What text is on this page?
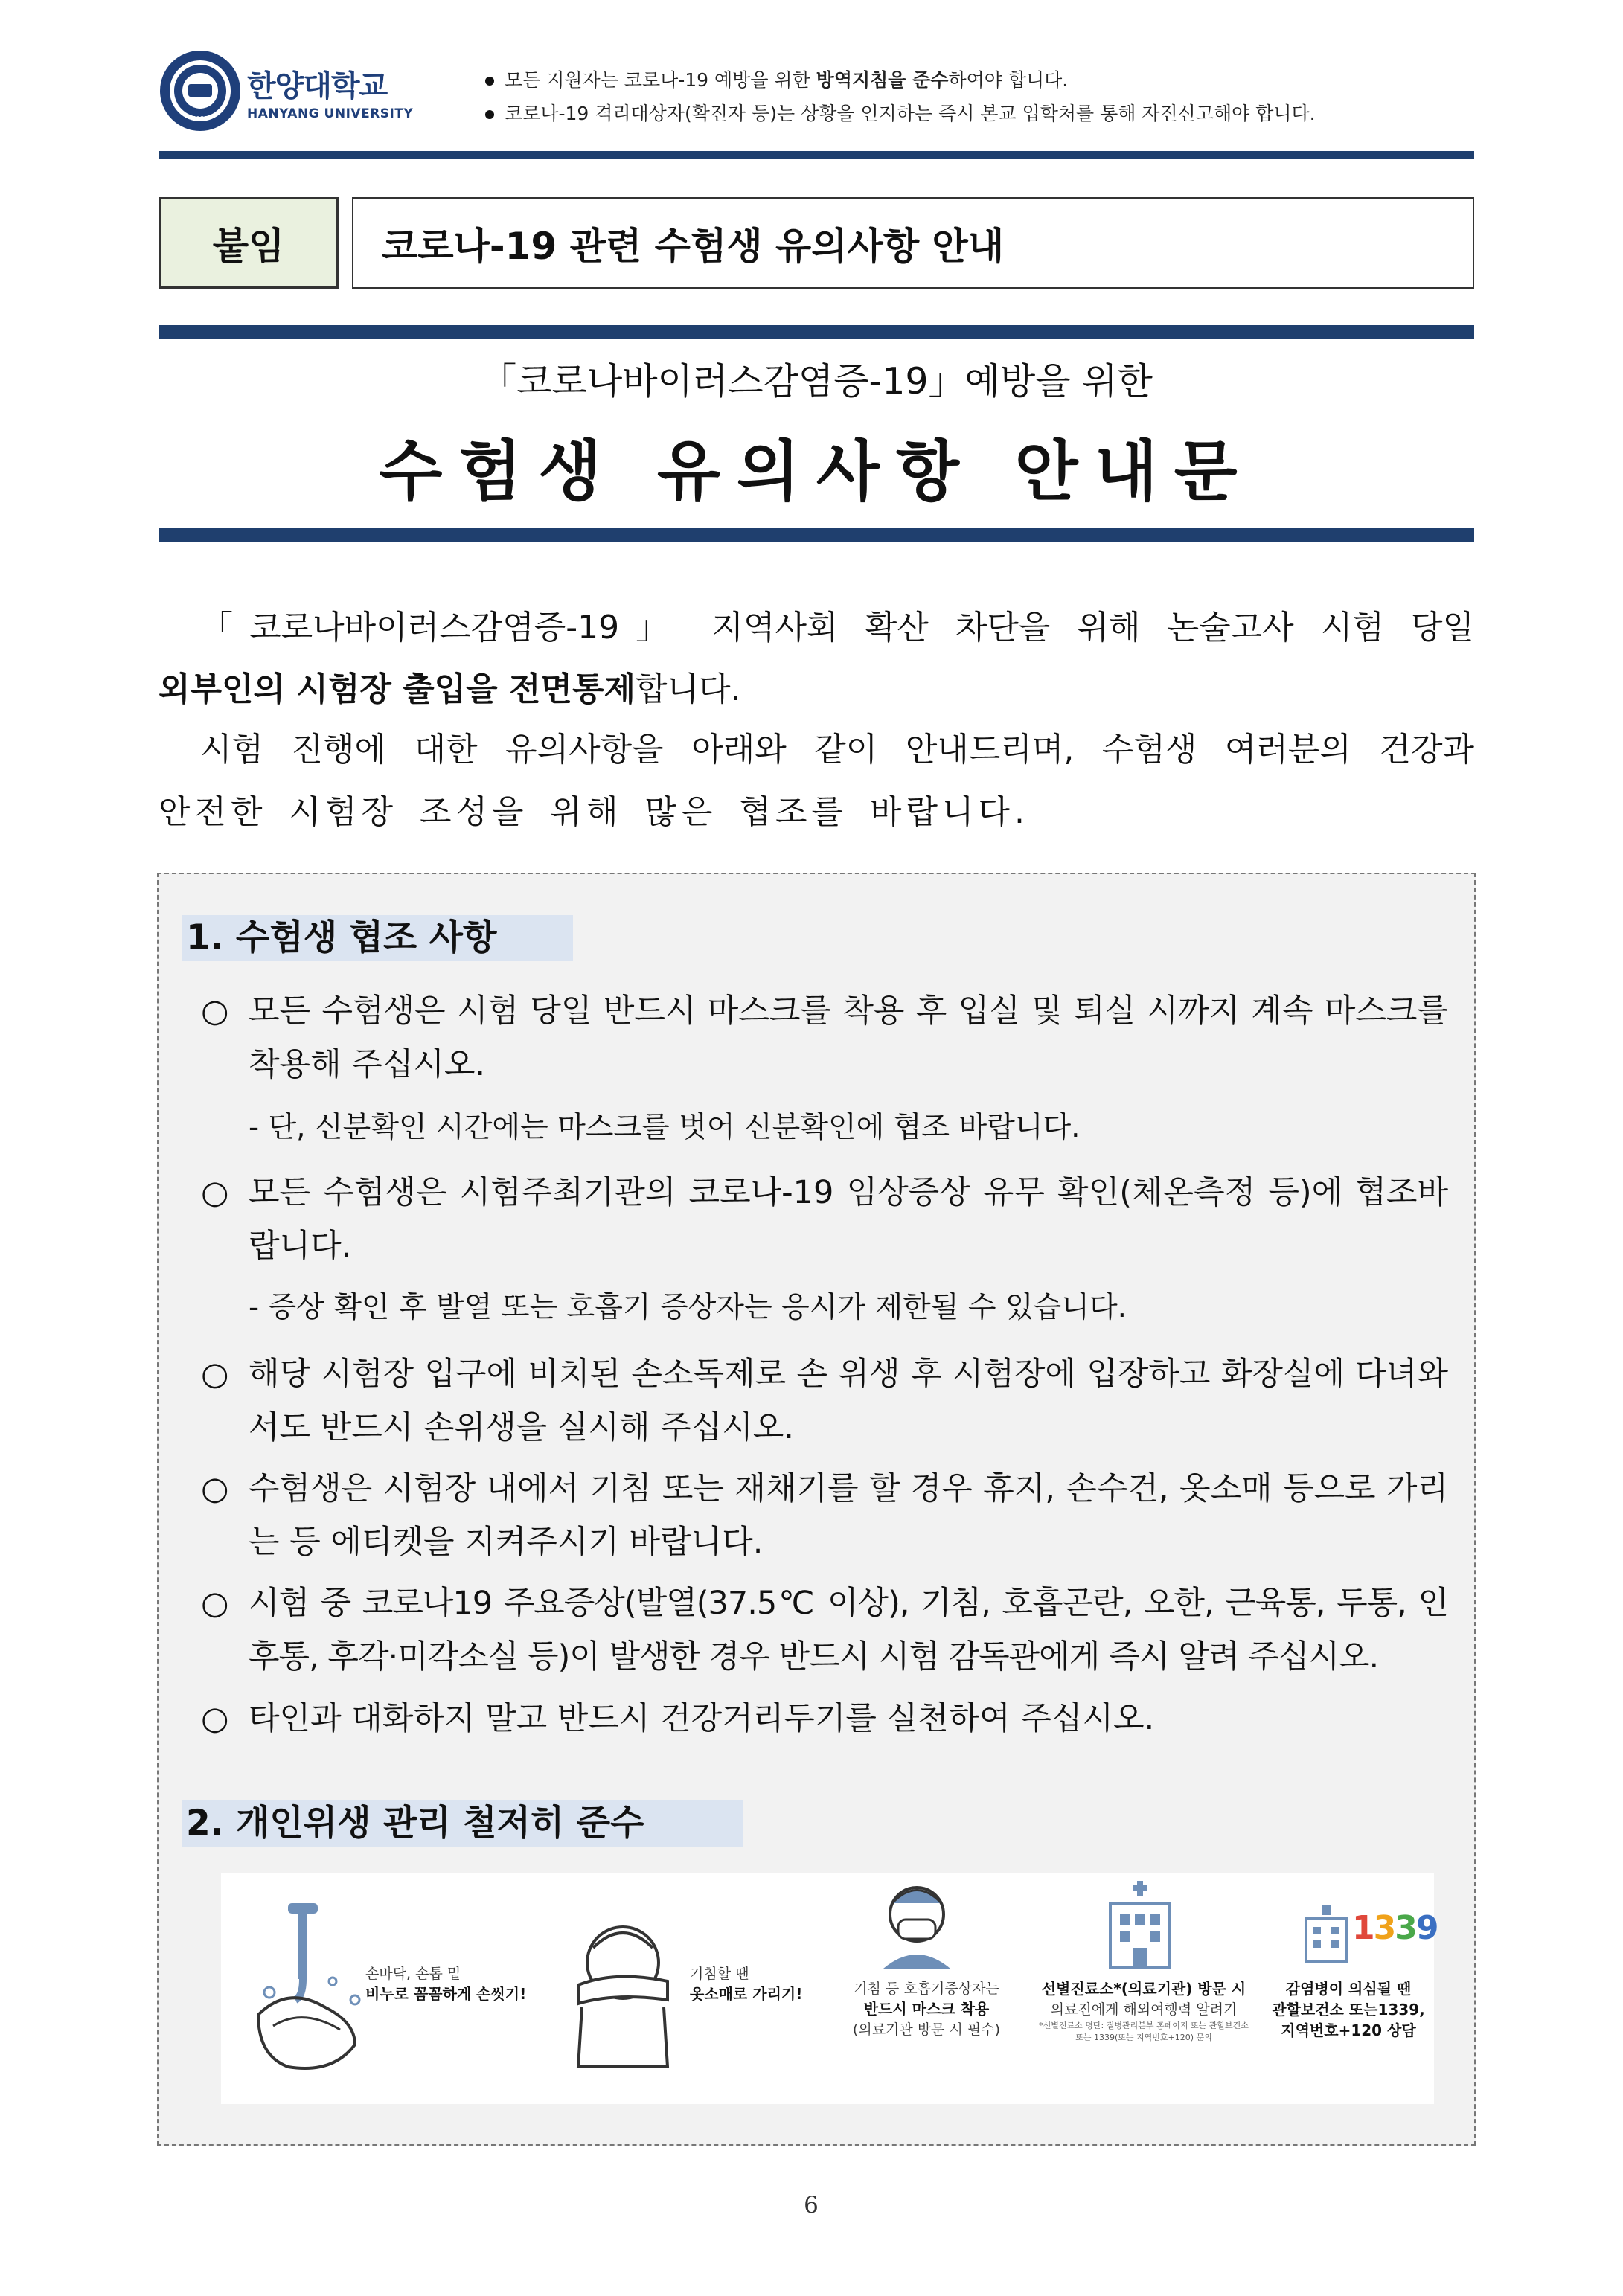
1939
한양대학교
HANYANG UNIVERSITY
모든 지원자는 코로나-19 예방을 위한 방역지침을 준수하여야 합니다.
코로나-19 격리대상자(확진자 등)는 상황을 인지하는 즉시 본교 입학처를 통해 자진신고해야 합니다.
붙임	코로나-19 관련 수험생 유의사항 안내
「코로나바이러스감염증-19」예방을 위한
수험생 유의사항 안내문
「코로나바이러스감염증-19」 지역사회 확산 차단을 위해 논술고사 시험 당일
외부인의 시험장 출입을 전면통제합니다.
시험 진행에 대한 유의사항을 아래와 같이 안내드리며, 수험생 여러분의 건강과
안전한 시험장 조성을 위해 많은 협조를 바랍니다.
1. 수험생 협조 사항
○ 모든 수험생은 시험 당일 반드시 마스크를 착용 후 입실 및 퇴실 시까지 계속 마스크를 착용해 주십시오.
- 단, 신분확인 시간에는 마스크를 벗어 신분확인에 협조 바랍니다.
○ 모든 수험생은 시험주최기관의 코로나-19 임상증상 유무 확인(체온측정 등)에 협조바랍니다.
- 증상 확인 후 발열 또는 호흡기 증상자는 응시가 제한될 수 있습니다.
○ 해당 시험장 입구에 비치된 손소독제로 손 위생 후 시험장에 입장하고 화장실에 다녀와서도 반드시 손위생을 실시해 주십시오.
○ 수험생은 시험장 내에서 기침 또는 재채기를 할 경우 휴지, 손수건, 옷소매 등으로 가리는 등 에티켓을 지켜주시기 바랍니다.
○ 시험 중 코로나19 주요증상(발열(37.5℃ 이상), 기침, 호흡곤란, 오한, 근육통, 두통, 인후통, 후각·미각소실 등)이 발생한 경우 반드시 시험 감독관에게 즉시 알려 주십시오.
○ 타인과 대화하지 말고 반드시 건강거리두기를 실천하여 주십시오.
2. 개인위생 관리 철저히 준수
손바닥, 손톱 밑
비누로 꼼꼼하게 손씻기!
기침할 땐
옷소매로 가리기!	기침 등 호흡기증상자는
반드시 마스크 착용
(의료기관 방문 시 필수)
선별진료소*(의료기관) 방문 시
의료진에게 해외여행력 알려기
*선별진료소 명단: 질병관리본부 홈페이지 또는 관할보건소 또는 1339(또는 지역번호+120) 문의
1339
감염병이 의심될 땐
관할보건소 또는1339,
지역번호+120 상담
6
